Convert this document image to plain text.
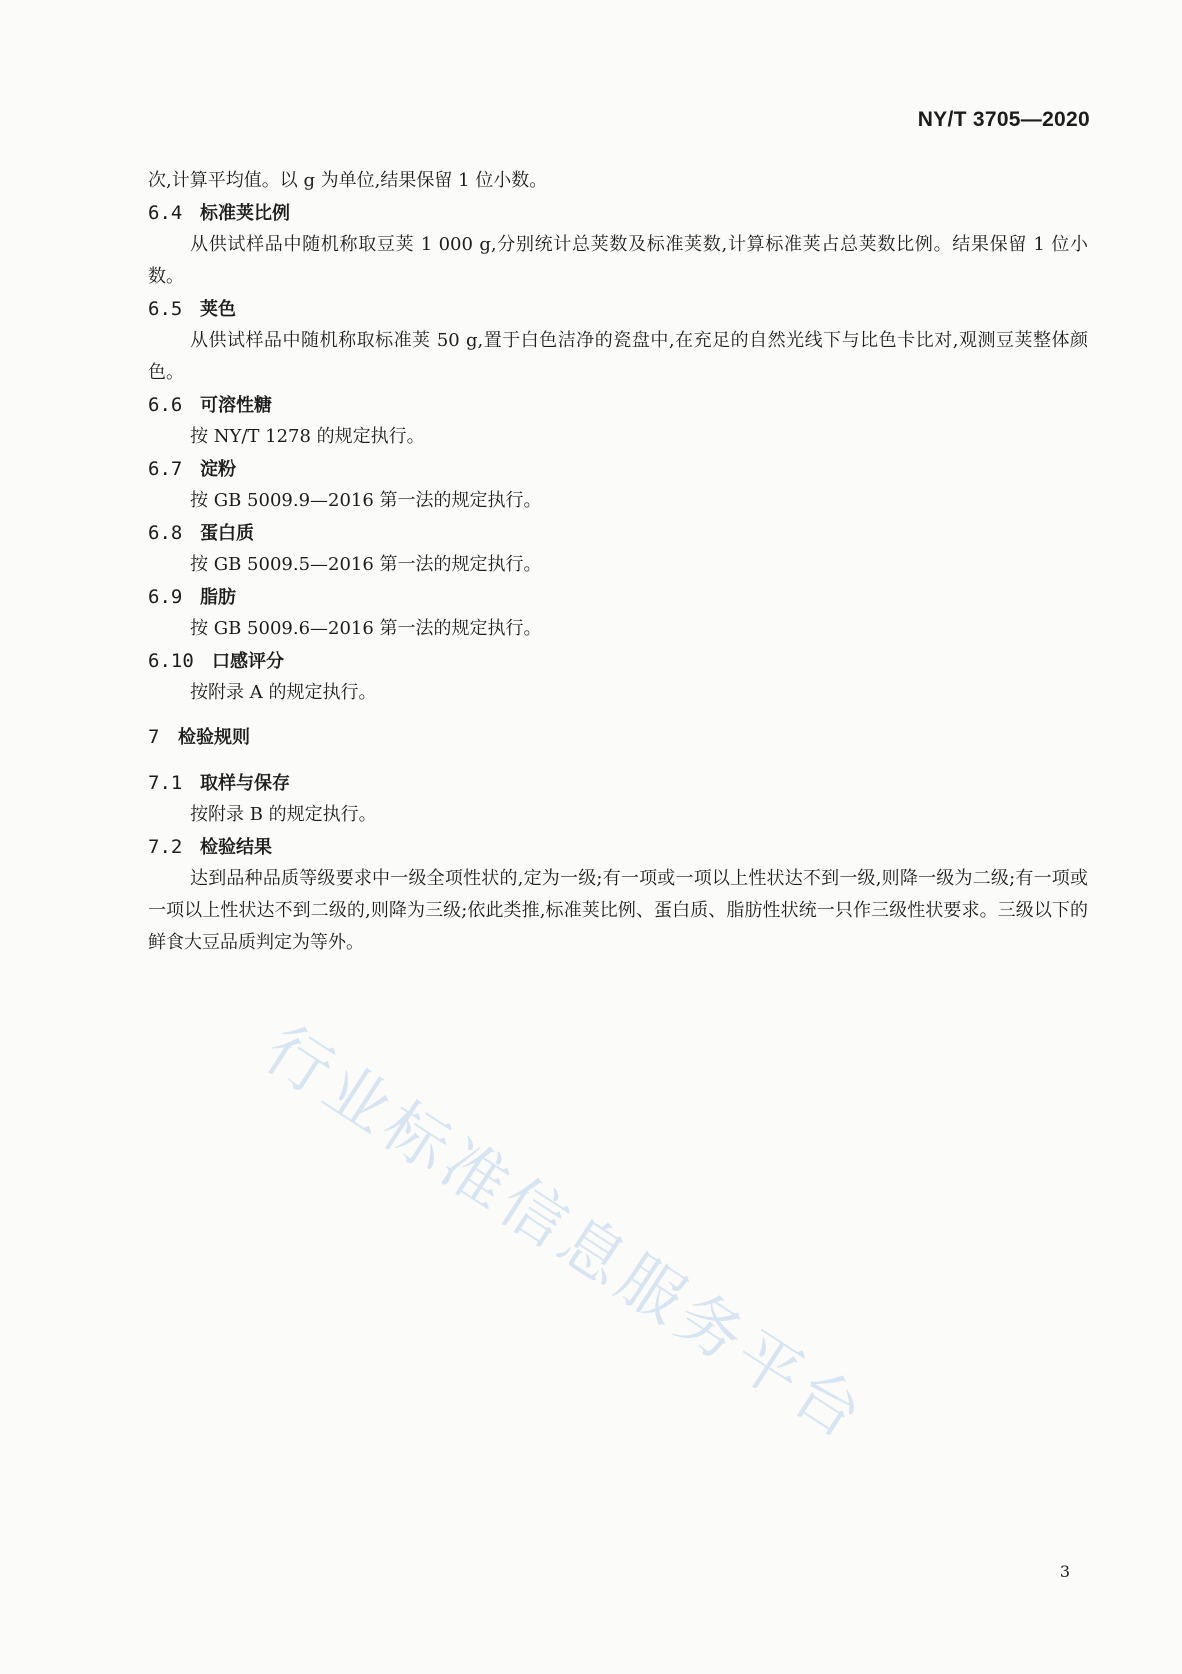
NY/T 3705—2020

次,计算平均值。以 g 为单位,结果保留 1 位小数。

6.4 标准荚比例

从供试样品中随机称取豆荚 1 000 g,分别统计总荚数及标准荚数,计算标准荚占总荚数比例。结果保留 1 位小数。

6.5 荚色

从供试样品中随机称取标准荚 50 g,置于白色洁净的瓷盘中,在充足的自然光线下与比色卡比对,观测豆荚整体颜色。

6.6 可溶性糖

按 NY/T 1278 的规定执行。

6.7 淀粉

按 GB 5009.9—2016 第一法的规定执行。

6.8 蛋白质

按 GB 5009.5—2016 第一法的规定执行。

6.9 脂肪

按 GB 5009.6—2016 第一法的规定执行。

6.10	口感评分

按附录 A 的规定执行。

7	检验规则
7.1 取样与保存

按附录 B 的规定执行。

7.2 检验结果

达到品种品质等级要求中一级全项性状的,定为一级;有一项或一项以上性状达不到一级,则降一级为二级;有一项或一项以上性状达不到二级的,则降为三级;依此类推,标准荚比例、蛋白质、脂肪性状统一只作三级性状要求。三级以下的鲜食大豆品质判定为等外。

行业标准信息服务平台
3
